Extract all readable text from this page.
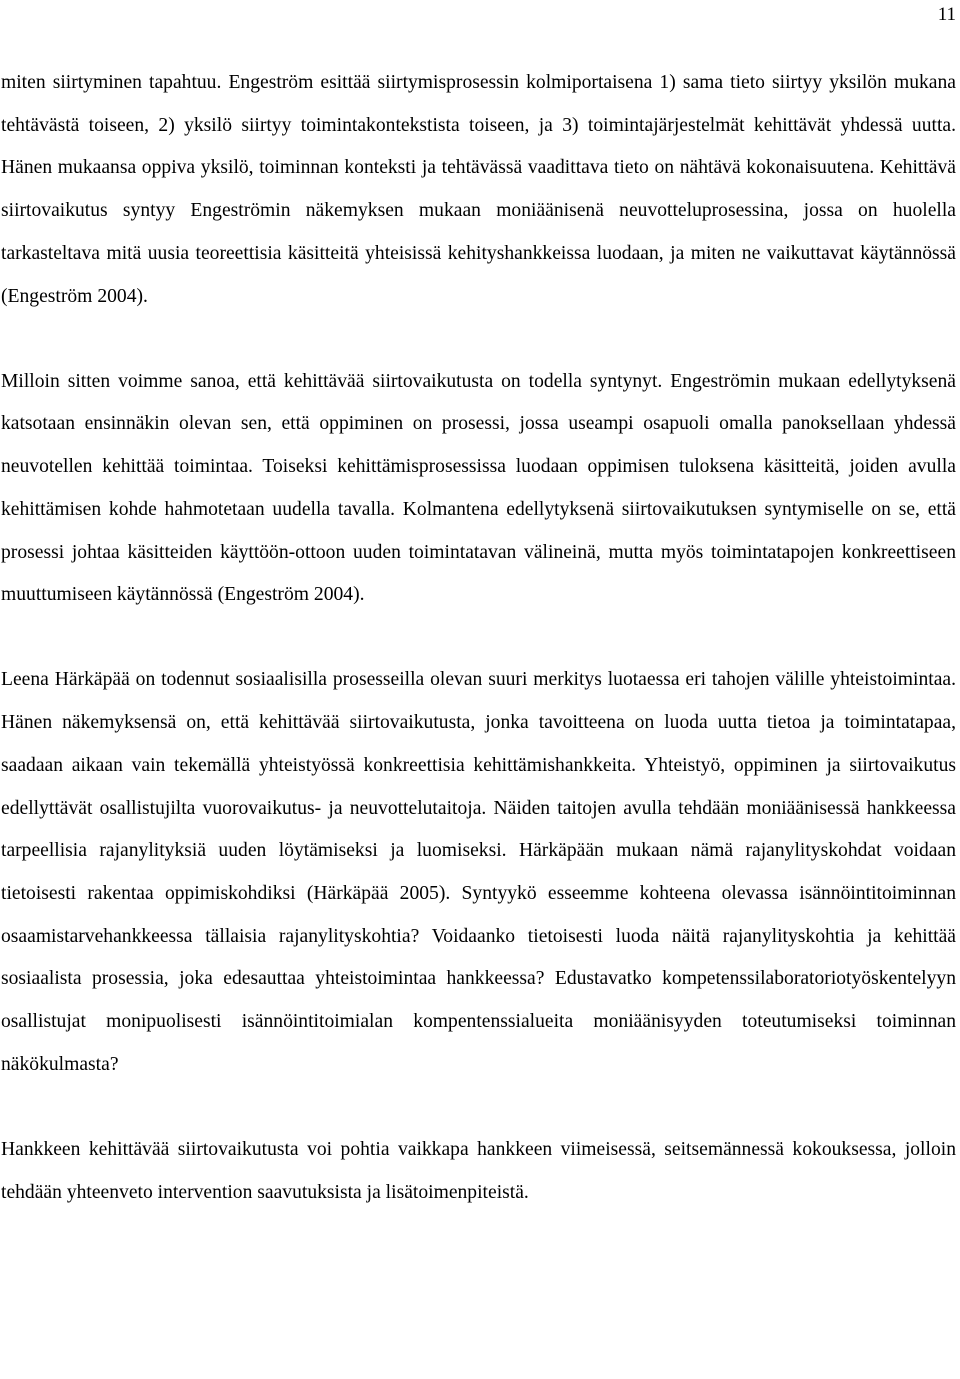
11

miten siirtyminen tapahtuu. Engeström esittää siirtymisprosessin kolmiportaisena 1) sama tieto siirtyy yksilön mukana tehtävästä toiseen, 2) yksilö siirtyy toimintakontekstista toiseen, ja 3) toimintajärjestelmät kehittävät yhdessä uutta. Hänen mukaansa oppiva yksilö, toiminnan konteksti ja tehtävässä vaadittava tieto on nähtävä kokonaisuutena. Kehittävä siirtovaikutus syntyy Engeströmin näkemyksen mukaan moniäänisenä neuvotteluprosessina, jossa on huolella tarkasteltava mitä uusia teoreettisia käsitteitä yhteisissä kehityshankkeissa luodaan, ja miten ne vaikuttavat käytännössä (Engeström 2004).

Milloin sitten voimme sanoa, että kehittävää siirtovaikutusta on todella syntynyt. Engeströmin mukaan edellytyksenä katsotaan ensinnäkin olevan sen, että oppiminen on prosessi, jossa useampi osapuoli omalla panoksellaan yhdessä neuvotellen kehittää toimintaa. Toiseksi kehittämisprosessissa luodaan oppimisen tuloksena käsitteitä, joiden avulla kehittämisen kohde hahmotetaan uudella tavalla. Kolmantena edellytyksenä siirtovaikutuksen syntymiselle on se, että prosessi johtaa käsitteiden käyttöön-ottoon uuden toimintatavan välineinä, mutta myös toimintatapojen konkreettiseen muuttumiseen käytännössä (Engeström 2004).

Leena Härkäpää on todennut sosiaalisilla prosesseilla olevan suuri merkitys luotaessa eri tahojen välille yhteistoimintaa. Hänen näkemyksensä on, että kehittävää siirtovaikutusta, jonka tavoitteena on luoda uutta tietoa ja toimintatapaa, saadaan aikaan vain tekemällä yhteistyössä konkreettisia kehittämishankkeita. Yhteistyö, oppiminen ja siirtovaikutus edellyttävät osallistujilta vuorovaikutus- ja neuvottelutaitoja. Näiden taitojen avulla tehdään moniäänisessä hankkeessa tarpeellisia rajanylityksiä uuden löytämiseksi ja luomiseksi. Härkäpään mukaan nämä rajanylityskohdat voidaan tietoisesti rakentaa oppimiskohdiksi (Härkäpää 2005). Syntyykö esseemme kohteena olevassa isännöintitoiminnan osaamistarvehankkeessa tällaisia rajanylityskohtia? Voidaanko tietoisesti luoda näitä rajanylityskohtia ja kehittää sosiaalista prosessia, joka edesauttaa yhteistoimintaa hankkeessa? Edustavatko kompetenssilaboratoriotyöskentelyyn osallistujat monipuolisesti isännöintitoimialan kompentenssialueita moniäänisyyden toteutumiseksi toiminnan näkökulmasta?

Hankkeen kehittävää siirtovaikutusta voi pohtia vaikkapa hankkeen viimeisessä, seitsemännessä kokouksessa, jolloin tehdään yhteenveto intervention saavutuksista ja lisätoimenpiteistä.
